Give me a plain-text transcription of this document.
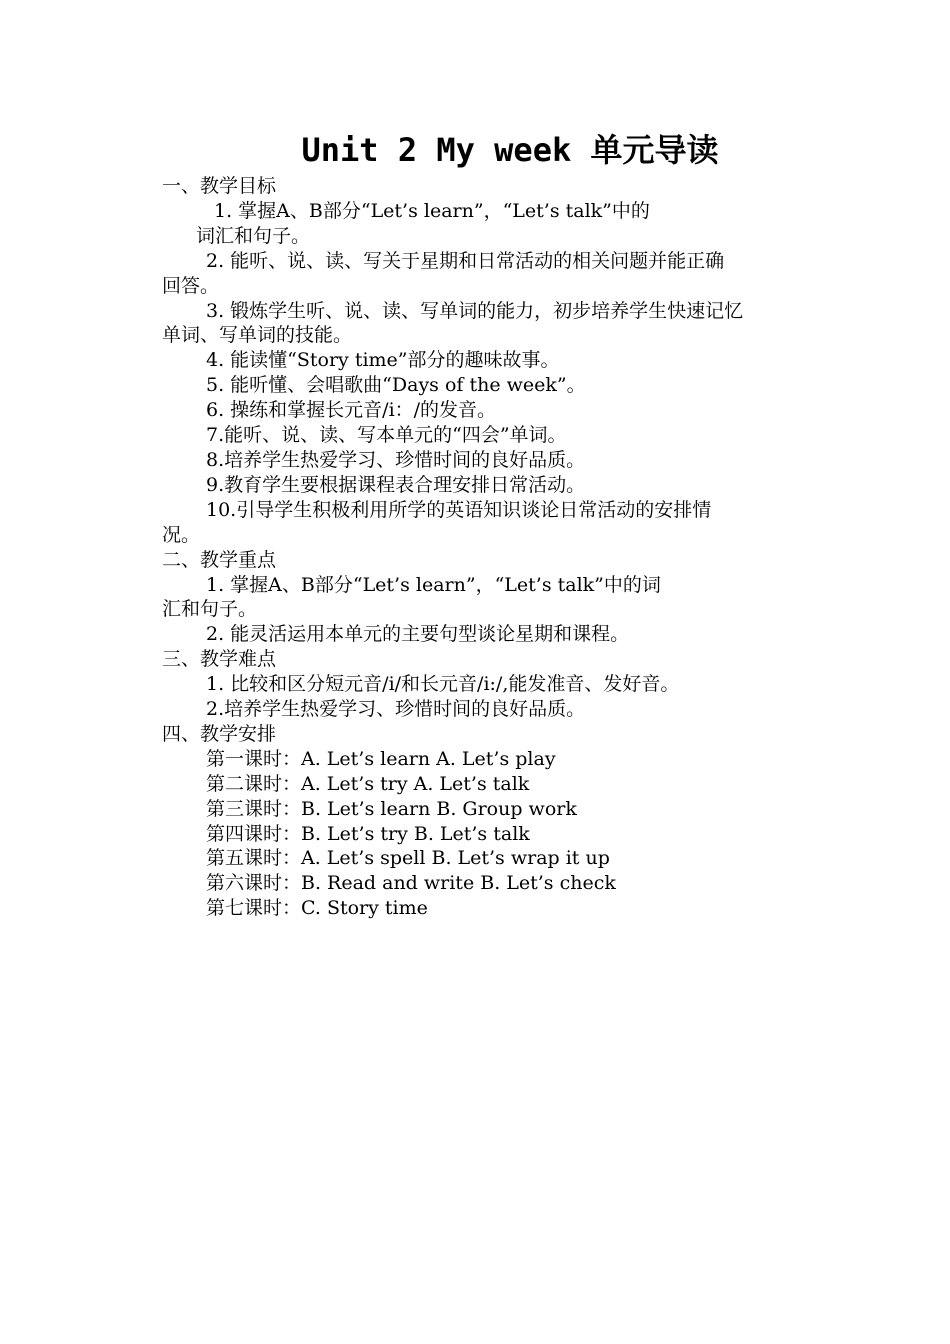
Unit 2 My week 单元导读

一、教学目标

1. 掌握A、B部分“Let’s learn”，“Let’s talk”中的

词汇和句子。

2. 能听、说、读、写关于星期和日常活动的相关问题并能正确

回答。

3. 锻炼学生听、说、读、写单词的能力，初步培养学生快速记忆

单词、写单词的技能。

4. 能读懂“Story time”部分的趣味故事。

5. 能听懂、会唱歌曲“Days of the week”。

6. 操练和掌握长元音/i：/的发音。

7.能听、说、读、写本单元的“四会”单词。

8.培养学生热爱学习、珍惜时间的良好品质。

9.教育学生要根据课程表合理安排日常活动。

10.引导学生积极利用所学的英语知识谈论日常活动的安排情

况。

二、教学重点

1. 掌握A、B部分“Let’s learn”，“Let’s talk”中的词

汇和句子。

2. 能灵活运用本单元的主要句型谈论星期和课程。

三、教学难点

1. 比较和区分短元音/i/和长元音/i:/,能发准音、发好音。

2.培养学生热爱学习、珍惜时间的良好品质。

四、教学安排

第一课时：A. Let’s learn A. Let’s play

第二课时：A. Let’s try A. Let’s talk

第三课时：B. Let’s learn B. Group work

第四课时：B. Let’s try B. Let’s talk

第五课时：A. Let’s spell B. Let’s wrap it up

第六课时：B. Read and write B. Let’s check

第七课时：C. Story time
